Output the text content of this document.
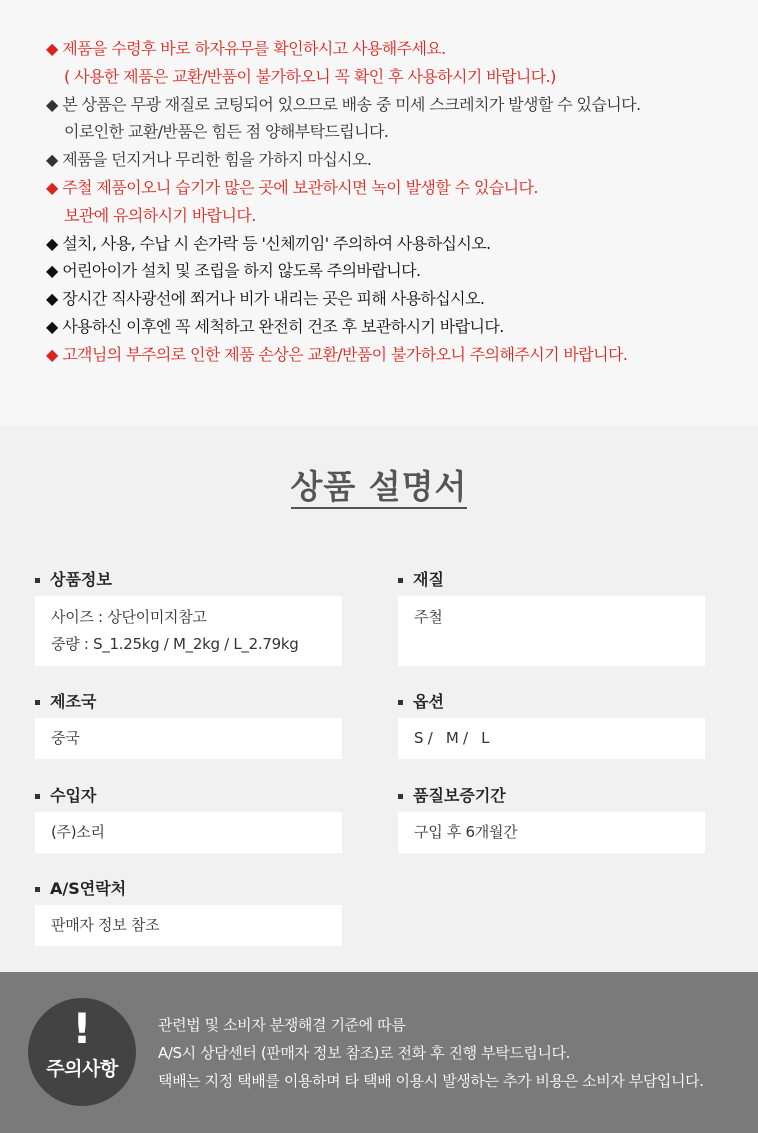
◆ 제품을 수령후 바로 하자유무를 확인하시고 사용해주세요.
( 사용한 제품은 교환/반품이 불가하오니 꼭 확인 후 사용하시기 바랍니다.)
◆ 본 상품은 무광 재질로 코팅되어 있으므로 배송 중 미세 스크레치가 발생할 수 있습니다.
이로인한 교환/반품은 힘든 점 양해부탁드립니다.
◆ 제품을 던지거나 무리한 힘을 가하지 마십시오.
◆ 주철 제품이오니 습기가 많은 곳에 보관하시면 녹이 발생할 수 있습니다.
보관에 유의하시기 바랍니다.
◆ 설치, 사용, 수납 시 손가락 등 '신체끼임' 주의하여 사용하십시오.
◆ 어린아이가 설치 및 조립을 하지 않도록 주의바랍니다.
◆ 장시간 직사광선에 쬐거나 비가 내리는 곳은 피해 사용하십시오.
◆ 사용하신 이후엔 꼭 세척하고 완전히 건조 후 보관하시기 바랍니다.
◆ 고객님의 부주의로 인한 제품 손상은 교환/반품이 불가하오니 주의해주시기 바랍니다.
상품 설명서
상품정보
사이즈 : 상단이미지참고
중량 : S_1.25kg / M_2kg / L_2.79kg
재질
주철
제조국
중국
옵션
S /   M /   L
수입자
(주)소리
품질보증기간
구입 후 6개월간
A/S연락처
판매자 정보 참조
!
주의사항
관련법 및 소비자 분쟁해결 기준에 따름
A/S시 상담센터 (판매자 정보 참조)로 전화 후 진행 부탁드립니다.
택배는 지정 택배를 이용하며 타 택배 이용시 발생하는 추가 비용은 소비자 부담입니다.
